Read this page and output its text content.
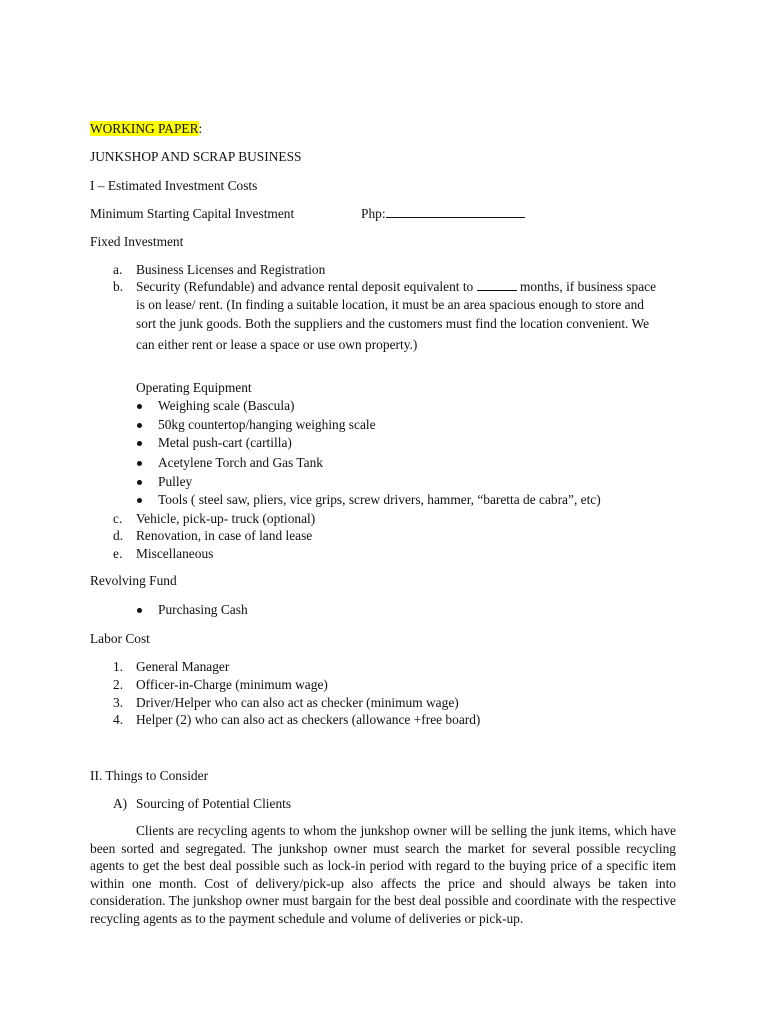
WORKING PAPER:
JUNKSHOP AND SCRAP BUSINESS
I – Estimated Investment Costs
Minimum Starting Capital Investment	Php:
Fixed Investment
a. Business Licenses and Registration
b. Security (Refundable) and advance rental deposit equivalent to	months, if business space
is on lease/ rent. (In finding a suitable location, it must be an area spacious enough to store and
sort the junk goods. Both the suppliers and the customers must find the location convenient. We
can either rent or lease a space or use own property.)
Operating Equipment
Weighing scale (Bascula)
50kg countertop/hanging weighing scale
Metal push-cart (cartilla)
Acetylene Torch and Gas Tank
Pulley
Tools ( steel saw, pliers, vice grips, screw drivers, hammer, “baretta de cabra”, etc)
c. Vehicle, pick-up- truck (optional)
d. Renovation, in case of land lease
e. Miscellaneous
Revolving Fund
Purchasing Cash
Labor Cost
1. General Manager
2. Officer-in-Charge (minimum wage)
3. Driver/Helper who can also act as checker (minimum wage)
4. Helper (2) who can also act as checkers (allowance +free board)
II. Things to Consider
A) Sourcing of Potential Clients
Clients are recycling agents to whom the junkshop owner will be selling the junk items, which have been sorted and segregated. The junkshop owner must search the market for several possible recycling agents to get the best deal possible such as lock-in period with regard to the buying price of a specific item within one month. Cost of delivery/pick-up also affects the price and should always be taken into consideration. The junkshop owner must bargain for the best deal possible and coordinate with the respective recycling agents as to the payment schedule and volume of deliveries or pick-up.
